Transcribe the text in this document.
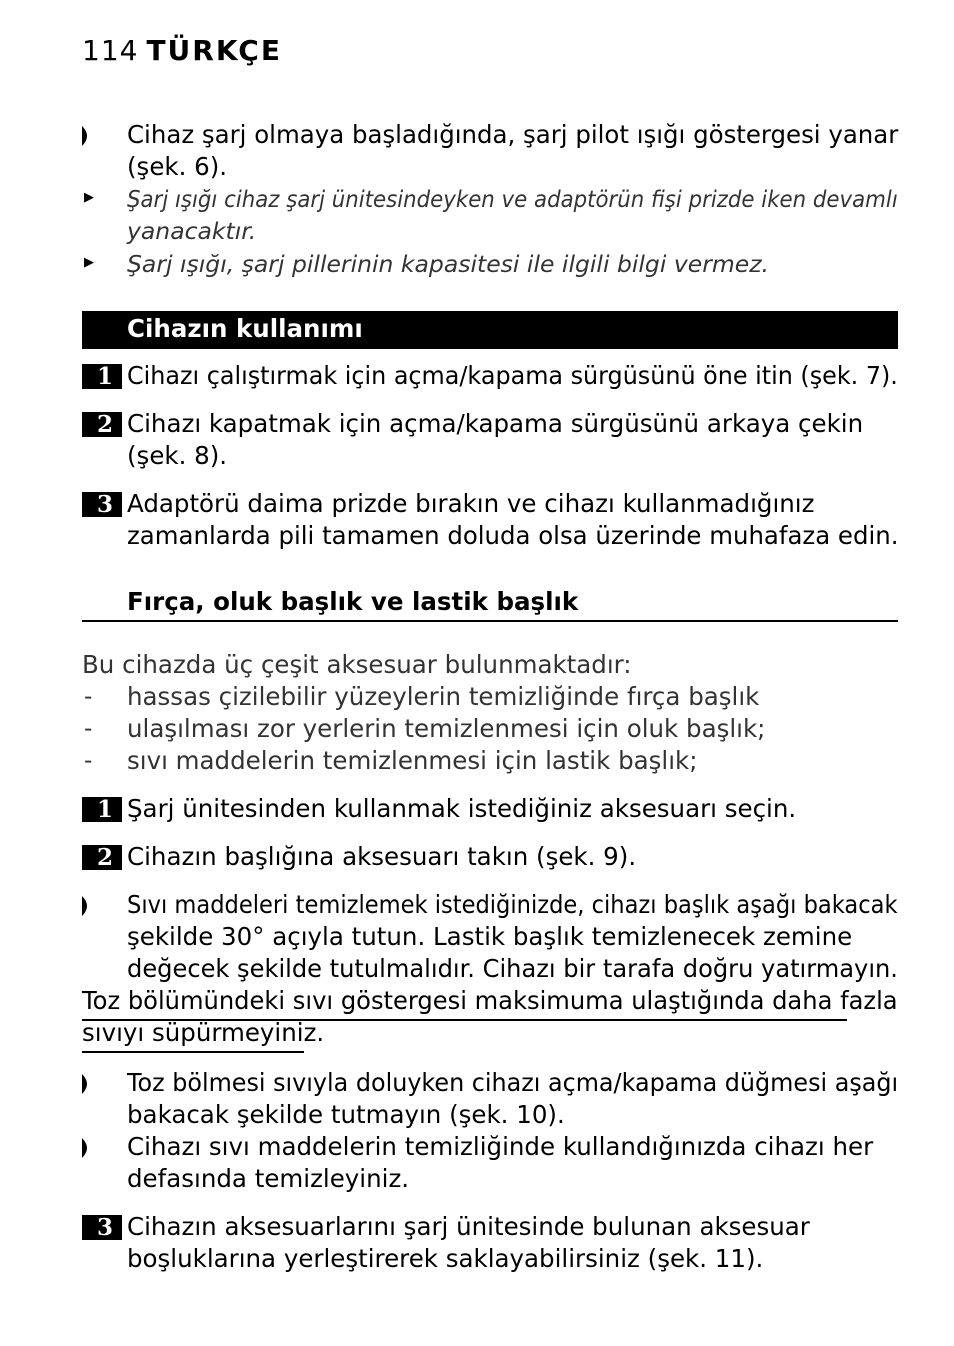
114 TÜRKÇE
Cihaz şarj olmaya başladığında, şarj pilot ışığı göstergesi yanar
(şek. 6).
▶ Şarj ışığı cihaz şarj ünitesindeyken ve adaptörün fişi prizde iken devamlı
yanacaktır.
▶ Şarj ışığı, şarj pillerinin kapasitesi ile ilgili bilgi vermez.
Cihazın kullanımı
1 Cihazı çalıştırmak için açma/kapama sürgüsünü öne itin (şek. 7).
2 Cihazı kapatmak için açma/kapama sürgüsünü arkaya çekin
(şek. 8).
3 Adaptörü daima prizde bırakın ve cihazı kullanmadığınız
zamanlarda pili tamamen doluda olsa üzerinde muhafaza edin.
Fırça, oluk başlık ve lastik başlık
Bu cihazda üç çeşit aksesuar bulunmaktadır:
- hassas çizilebilir yüzeylerin temizliğinde fırça başlık
- ulaşılması zor yerlerin temizlenmesi için oluk başlık;
- sıvı maddelerin temizlenmesi için lastik başlık;
1 Şarj ünitesinden kullanmak istediğiniz aksesuarı seçin.
2 Cihazın başlığına aksesuarı takın (şek. 9).
Sıvı maddeleri temizlemek istediğinizde, cihazı başlık aşağı bakacak
şekilde 30° açıyla tutun. Lastik başlık temizlenecek zemine
değecek şekilde tutulmalıdır. Cihazı bir tarafa doğru yatırmayın.
Toz bölümündeki sıvı göstergesi maksimuma ulaştığında daha fazla
sıvıyı süpürmeyiniz.
Toz bölmesi sıvıyla doluyken cihazı açma/kapama düğmesi aşağı
bakacak şekilde tutmayın (şek. 10).
Cihazı sıvı maddelerin temizliğinde kullandığınızda cihazı her
defasında temizleyiniz.
3 Cihazın aksesuarlarını şarj ünitesinde bulunan aksesuar
boşluklarına yerleştirerek saklayabilirsiniz (şek. 11).
